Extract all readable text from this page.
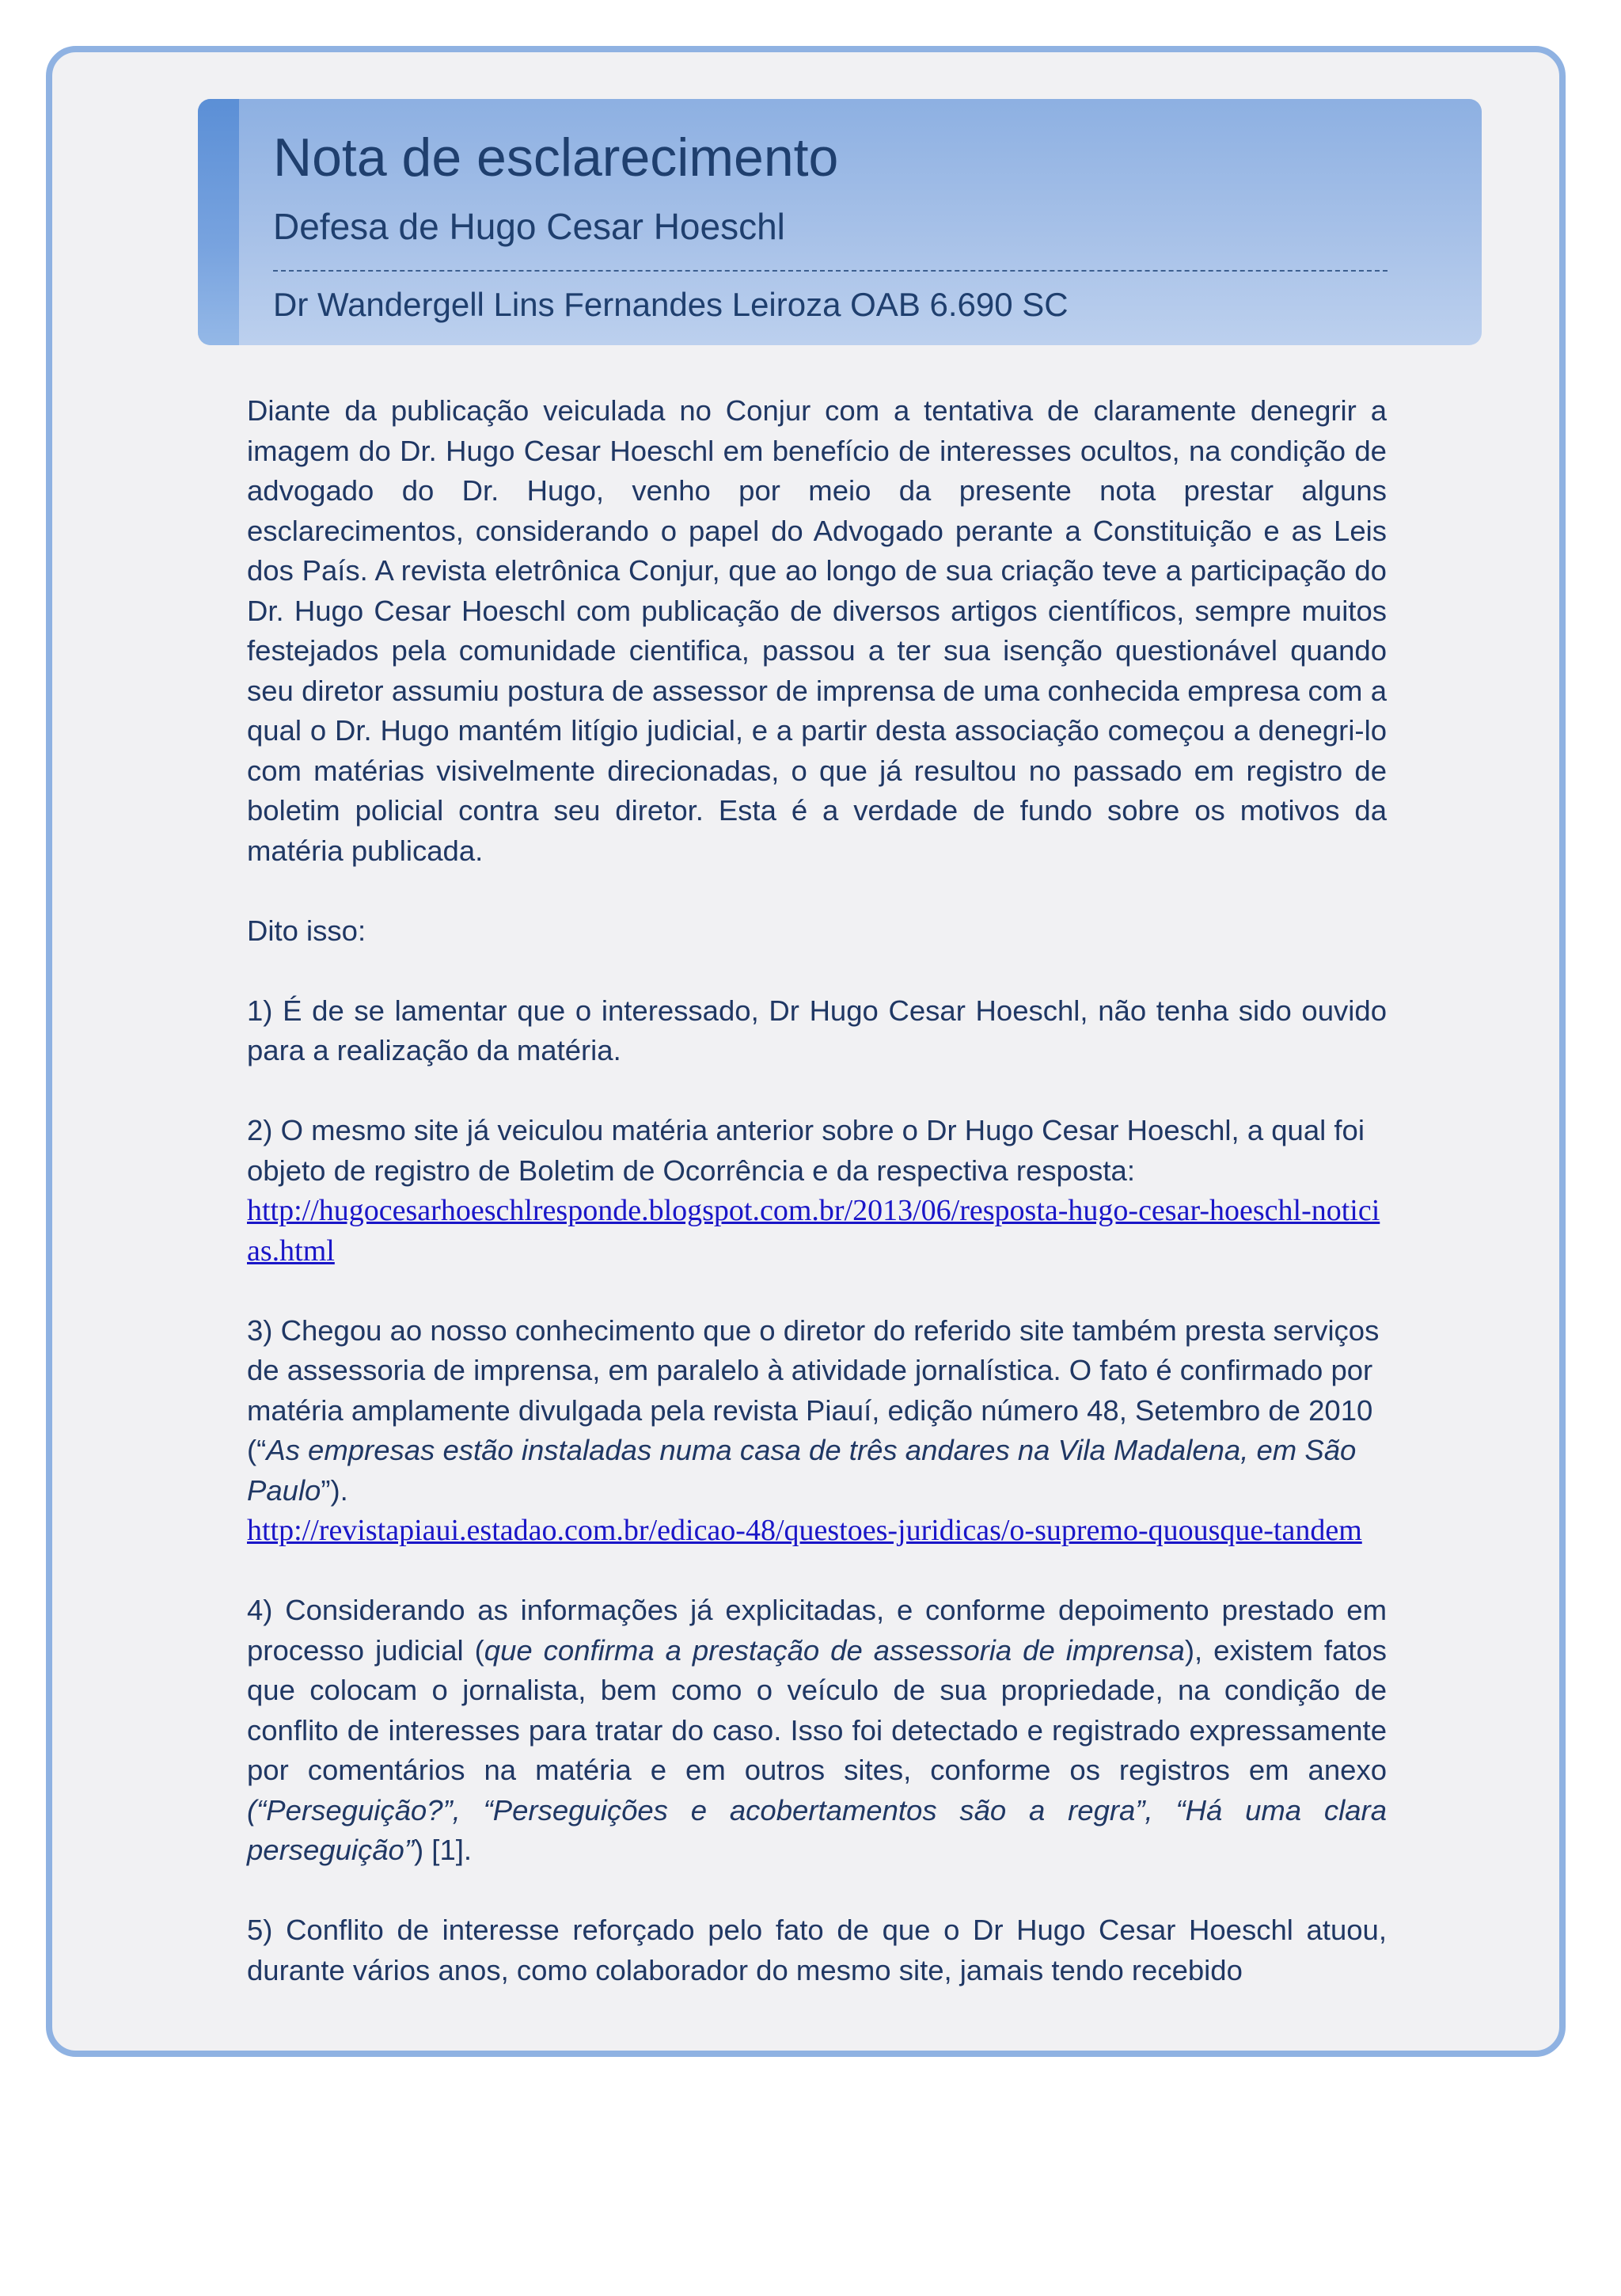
Nota de esclarecimento
Defesa de Hugo Cesar Hoeschl
Dr Wandergell Lins Fernandes Leiroza OAB 6.690 SC

Diante da publicação veiculada no Conjur com a tentativa de claramente denegrir a imagem do Dr. Hugo Cesar Hoeschl em benefício de interesses ocultos, na condição de advogado do Dr. Hugo, venho por meio da presente nota prestar alguns esclarecimentos, considerando o papel do Advogado perante a Constituição e as Leis dos País. A revista eletrônica Conjur, que ao longo de sua criação teve a participação do Dr. Hugo Cesar Hoeschl com publicação de diversos artigos científicos, sempre muitos festejados pela comunidade cientifica, passou a ter sua isenção questionável quando seu diretor assumiu postura de assessor de imprensa de uma conhecida empresa com a qual o Dr. Hugo mantém litígio judicial, e a partir desta associação começou a denegri-lo com matérias visivelmente direcionadas, o que já resultou no passado em registro de boletim policial contra seu diretor. Esta é a verdade de fundo sobre os motivos da matéria publicada.

Dito isso:

1) É de se lamentar que o interessado, Dr Hugo Cesar Hoeschl, não tenha sido ouvido para a realização da matéria.

2) O mesmo site já veiculou matéria anterior sobre o Dr Hugo Cesar Hoeschl, a qual foi objeto de registro de Boletim de Ocorrência e da respectiva resposta:
http://hugocesarhoeschlresponde.blogspot.com.br/2013/06/resposta-hugo-cesar-hoeschl-noticias.html

3) Chegou ao nosso conhecimento que o diretor do referido site também presta serviços de assessoria de imprensa, em paralelo à atividade jornalística. O fato é confirmado por matéria amplamente divulgada pela revista Piauí, edição número 48, Setembro de 2010 (“As empresas estão instaladas numa casa de três andares na Vila Madalena, em São Paulo”).
http://revistapiaui.estadao.com.br/edicao-48/questoes-juridicas/o-supremo-quousque-tandem

4) Considerando as informações já explicitadas, e conforme depoimento prestado em processo judicial (que confirma a prestação de assessoria de imprensa), existem fatos que colocam o jornalista, bem como o veículo de sua propriedade, na condição de conflito de interesses para tratar do caso. Isso foi detectado e registrado expressamente por comentários na matéria e em outros sites, conforme os registros em anexo (“Perseguição?”, “Perseguições e acobertamentos são a regra”, “Há uma clara perseguição”) [1].

5) Conflito de interesse reforçado pelo fato de que o Dr Hugo Cesar Hoeschl atuou, durante vários anos, como colaborador do mesmo site, jamais tendo recebido
